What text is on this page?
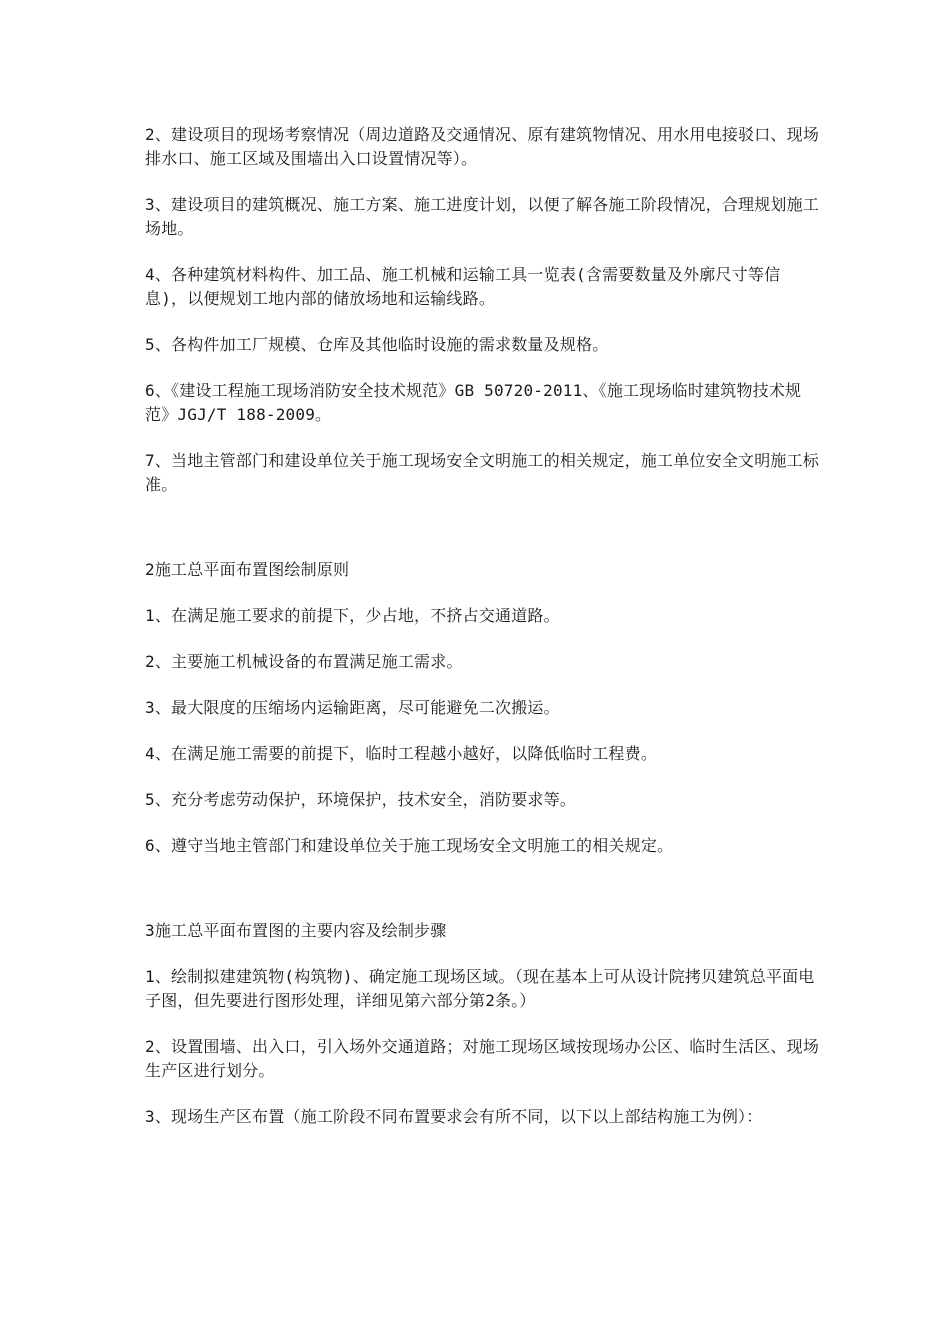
2、建设项目的现场考察情况（周边道路及交通情况、原有建筑物情况、用水用电接驳口、现场排水口、施工区域及围墙出入口设置情况等）。

3、建设项目的建筑概况、施工方案、施工进度计划，以便了解各施工阶段情况，合理规划施工场地。

4、各种建筑材料构件、加工品、施工机械和运输工具一览表(含需要数量及外廓尺寸等信息)，以便规划工地内部的储放场地和运输线路。

5、各构件加工厂规模、仓库及其他临时设施的需求数量及规格。

6、《建设工程施工现场消防安全技术规范》GB 50720-2011、《施工现场临时建筑物技术规范》JGJ/T 188-2009。

7、当地主管部门和建设单位关于施工现场安全文明施工的相关规定，施工单位安全文明施工标准。

2施工总平面布置图绘制原则

1、在满足施工要求的前提下，少占地，不挤占交通道路。

2、主要施工机械设备的布置满足施工需求。

3、最大限度的压缩场内运输距离，尽可能避免二次搬运。

4、在满足施工需要的前提下，临时工程越小越好，以降低临时工程费。

5、充分考虑劳动保护，环境保护，技术安全，消防要求等。

6、遵守当地主管部门和建设单位关于施工现场安全文明施工的相关规定。

3施工总平面布置图的主要内容及绘制步骤

1、绘制拟建建筑物(构筑物)、确定施工现场区域。（现在基本上可从设计院拷贝建筑总平面电子图，但先要进行图形处理，详细见第六部分第2条。）

2、设置围墙、出入口，引入场外交通道路；对施工现场区域按现场办公区、临时生活区、现场生产区进行划分。

3、现场生产区布置（施工阶段不同布置要求会有所不同，以下以上部结构施工为例）：
